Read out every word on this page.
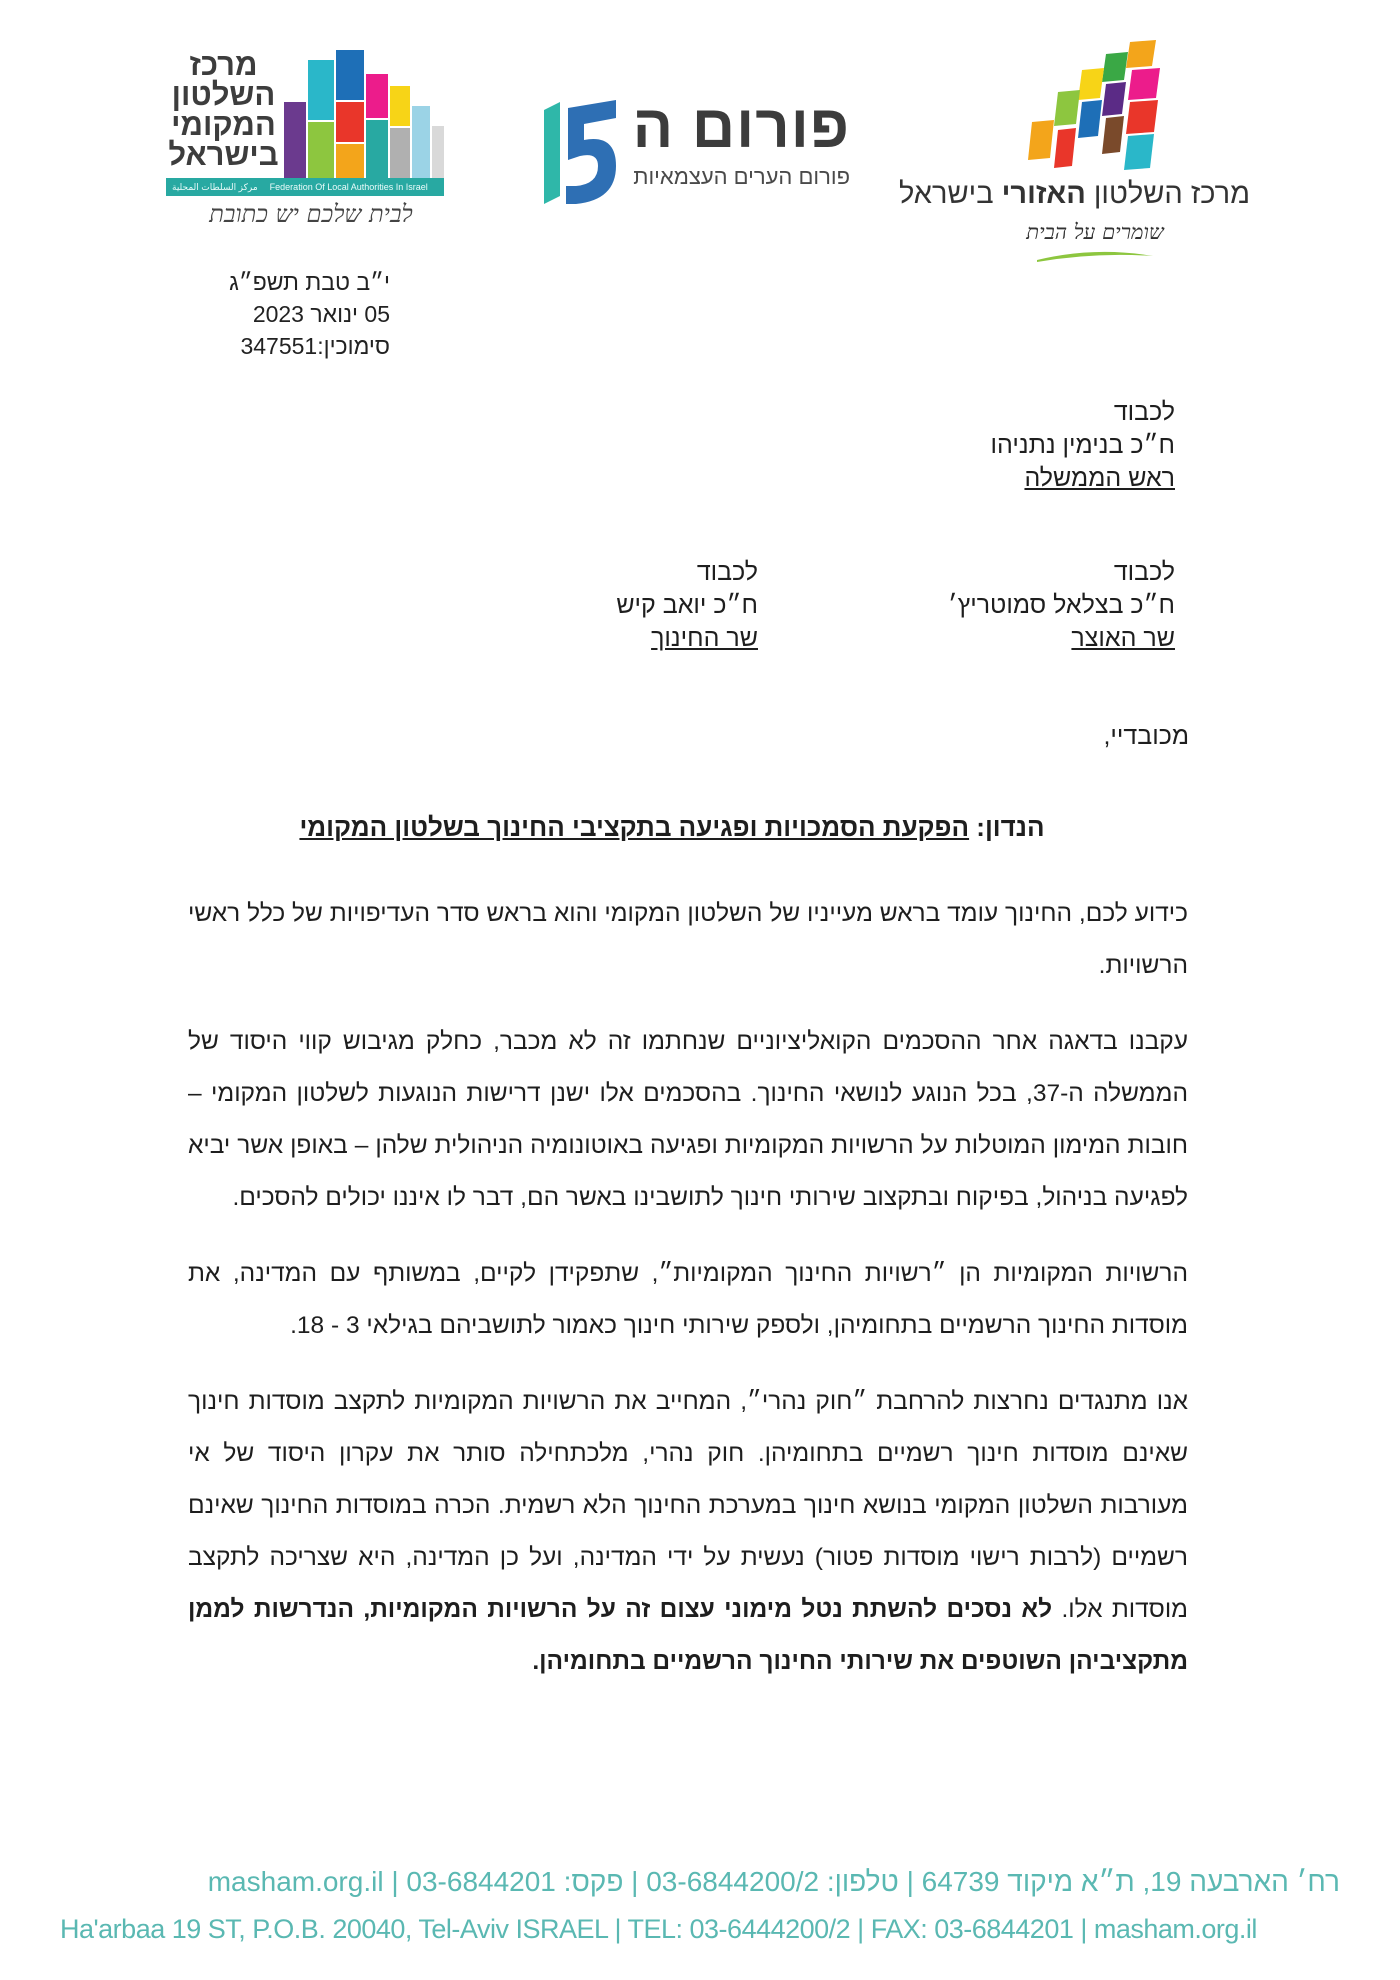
מרכז השלטון האזורי בישראל
שומרים על הבית
פורום ה
פורום הערים העצמאיות
מרכז
השלטון
המקומי
בישראל
مركز السلطات المحلية Federation Of Local Authorities In Israel
לבית שלכם יש כתובת
י״ב טבת תשפ״ג
05 ינואר 2023
סימוכין:347551
לכבוד
ח״כ בנימין נתניהו
ראש הממשלה
לכבוד
ח״כ בצלאל סמוטריץ׳
שר האוצר
לכבוד
ח״כ יואב קיש
שר החינוך
מכובדיי,
הנדון: הפקעת הסמכויות ופגיעה בתקציבי החינוך בשלטון המקומי

כידוע לכם, החינוך עומד בראש מעייניו של השלטון המקומי והוא בראש סדר העדיפויות של כלל ראשי הרשויות.

עקבנו בדאגה אחר ההסכמים הקואליציוניים שנחתמו זה לא מכבר, כחלק מגיבוש קווי היסוד של הממשלה ה-37, בכל הנוגע לנושאי החינוך. בהסכמים אלו ישנן דרישות הנוגעות לשלטון המקומי – חובות המימון המוטלות על הרשויות המקומיות ופגיעה באוטונומיה הניהולית שלהן – באופן אשר יביא לפגיעה בניהול, בפיקוח ובתקצוב שירותי חינוך לתושבינו באשר הם, דבר לו איננו יכולים להסכים.

הרשויות המקומיות הן ״רשויות החינוך המקומיות״, שתפקידן לקיים, במשותף עם המדינה, את מוסדות החינוך הרשמיים בתחומיהן, ולספק שירותי חינוך כאמור לתושביהם בגילאי 3 - 18.

אנו מתנגדים נחרצות להרחבת ״חוק נהרי״, המחייב את הרשויות המקומיות לתקצב מוסדות חינוך שאינם מוסדות חינוך רשמיים בתחומיהן. חוק נהרי, מלכתחילה סותר את עקרון היסוד של אי מעורבות השלטון המקומי בנושא חינוך במערכת החינוך הלא רשמית. הכרה במוסדות החינוך שאינם רשמיים (לרבות רישוי מוסדות פטור) נעשית על ידי המדינה, ועל כן המדינה, היא שצריכה לתקצב מוסדות אלו. לא נסכים להשתת נטל מימוני עצום זה על הרשויות המקומיות, הנדרשות לממן מתקציביהן השוטפים את שירותי החינוך הרשמיים בתחומיהן.

רח׳ הארבעה 19, ת״א מיקוד 64739 | טלפון: 03-6844200/2 | פקס: 03-6844201 | masham.org.il
Ha'arbaa 19 ST, P.O.B. 20040, Tel-Aviv ISRAEL | TEL: 03-6444200/2 | FAX: 03-6844201 | masham.org.il
